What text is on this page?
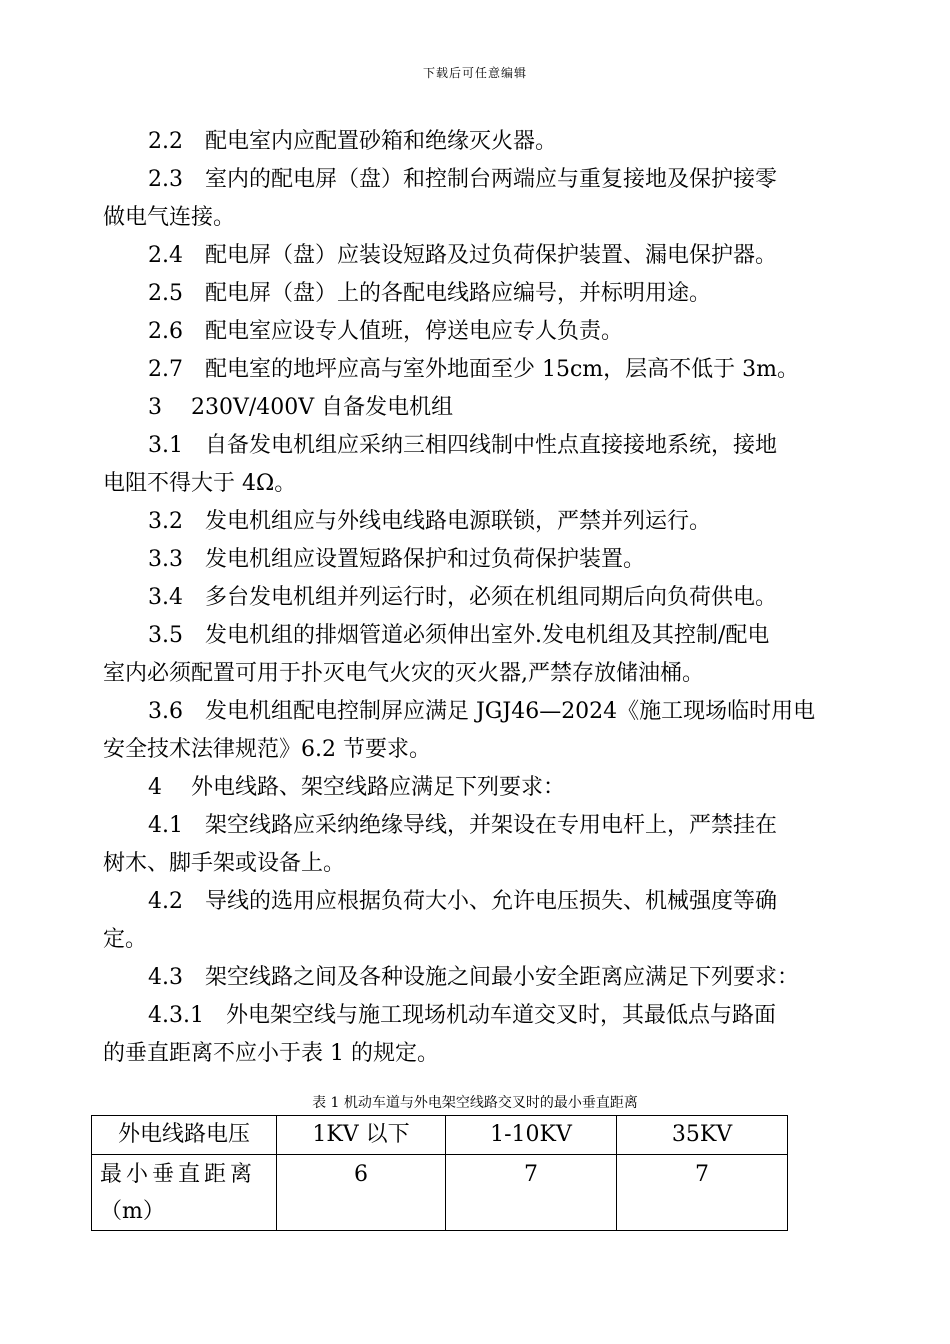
下载后可任意编辑
2.2　配电室内应配置砂箱和绝缘灭火器。
2.3　室内的配电屏（盘）和控制台两端应与重复接地及保护接零
做电气连接。
2.4　配电屏（盘）应装设短路及过负荷保护装置、漏电保护器。
2.5　配电屏（盘）上的各配电线路应编号，并标明用途。
2.6　配电室应设专人值班，停送电应专人负责。
2.7　配电室的地坪应高与室外地面至少 15cm，层高不低于 3m。
3　 230V/400V 自备发电机组
3.1　自备发电机组应采纳三相四线制中性点直接接地系统，接地
电阻不得大于 4Ω。
3.2　发电机组应与外线电线路电源联锁，严禁并列运行。
3.3　发电机组应设置短路保护和过负荷保护装置。
3.4　多台发电机组并列运行时，必须在机组同期后向负荷供电。
3.5　发电机组的排烟管道必须伸出室外.发电机组及其控制/配电
室内必须配置可用于扑灭电气火灾的灭火器,严禁存放储油桶。
3.6　发电机组配电控制屏应满足 JGJ46—2024《施工现场临时用电
安全技术法律规范》6.2 节要求。
4　 外电线路、架空线路应满足下列要求：
4.1　架空线路应采纳绝缘导线，并架设在专用电杆上，严禁挂在
树木、脚手架或设备上。
4.2　导线的选用应根据负荷大小、允许电压损失、机械强度等确
定。
4.3　架空线路之间及各种设施之间最小安全距离应满足下列要求：
4.3.1　外电架空线与施工现场机动车道交叉时，其最低点与路面
的垂直距离不应小于表 1 的规定。
表 1 机动车道与外电架空线路交叉时的最小垂直距离
外电线路电压	1KV 以下	1-10KV	35KV

最小垂直距离
（m）	6	7	7
